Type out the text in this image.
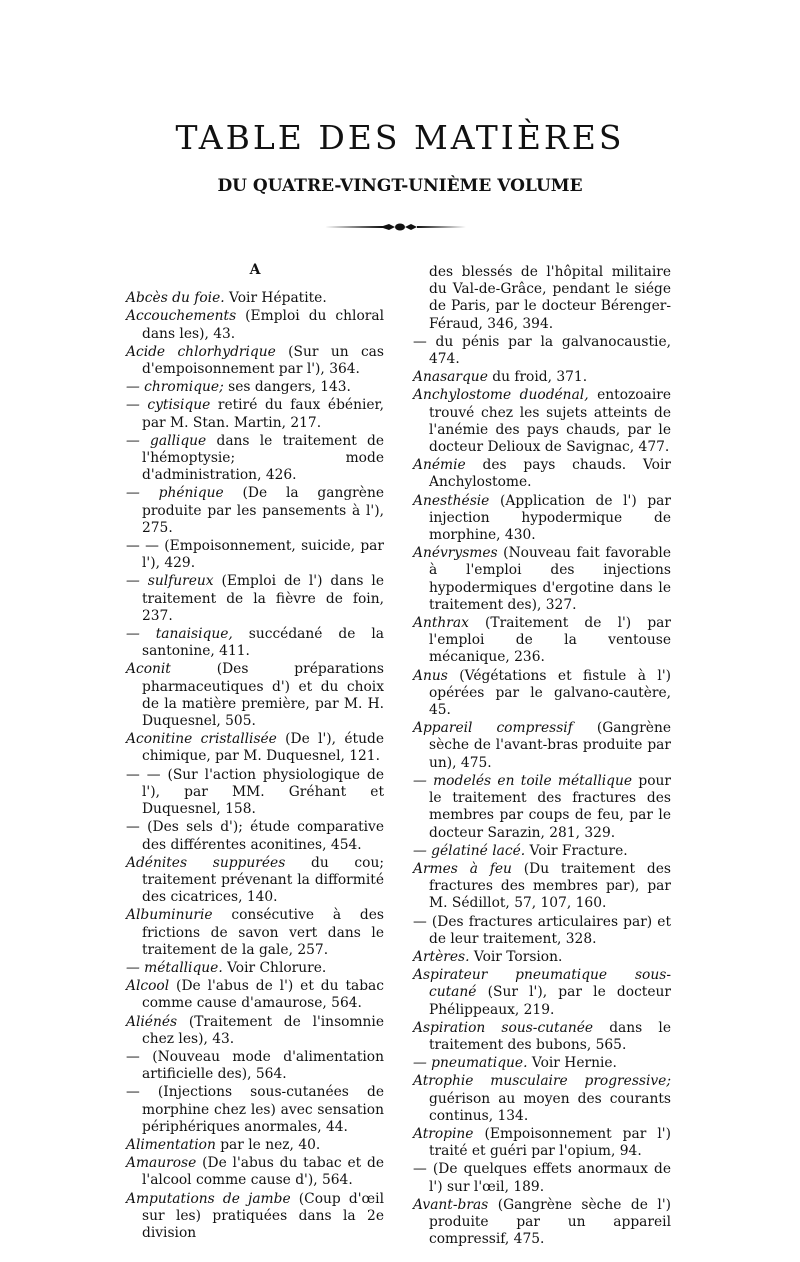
TABLE DES MATIÈRES
DU QUATRE-VINGT-UNIÈME VOLUME
A

Abcès du foie. Voir Hépatite.

Accouchements (Emploi du chloral dans les), 43.

Acide chlorhydrique (Sur un cas d'empoisonnement par l'), 364.

— chromique; ses dangers, 143.

— cytisique retiré du faux ébénier, par M. Stan. Martin, 217.

— gallique dans le traitement de l'hémoptysie; mode d'administration, 426.

— phénique (De la gangrène produite par les pansements à l'), 275.

— — (Empoisonnement, suicide, par l'), 429.

— sulfureux (Emploi de l') dans le traitement de la fièvre de foin, 237.

— tanaisique, succédané de la santonine, 411.

Aconit (Des préparations pharmaceutiques d') et du choix de la matière première, par M. H. Duquesnel, 505.

Aconitine cristallisée (De l'), étude chimique, par M. Duquesnel, 121.

— — (Sur l'action physiologique de l'), par MM. Gréhant et Duquesnel, 158.

— (Des sels d'); étude comparative des différentes aconitines, 454.

Adénites suppurées du cou; traitement prévenant la difformité des cicatrices, 140.

Albuminurie consécutive à des frictions de savon vert dans le traitement de la gale, 257.

— métallique. Voir Chlorure.

Alcool (De l'abus de l') et du tabac comme cause d'amaurose, 564.

Aliénés (Traitement de l'insomnie chez les), 43.

— (Nouveau mode d'alimentation artificielle des), 564.

— (Injections sous-cutanées de morphine chez les) avec sensation périphériques anormales, 44.

Alimentation par le nez, 40.

Amaurose (De l'abus du tabac et de l'alcool comme cause d'), 564.

Amputations de jambe (Coup d'œil sur les) pratiquées dans la 2e division

des blessés de l'hôpital militaire du Val-de-Grâce, pendant le siége de Paris, par le docteur Bérenger-Féraud, 346, 394.

— du pénis par la galvanocaustie, 474.

Anasarque du froid, 371.

Anchylostome duodénal, entozoaire trouvé chez les sujets atteints de l'anémie des pays chauds, par le docteur Delioux de Savignac, 477.

Anémie des pays chauds. Voir Anchylostome.

Anesthésie (Application de l') par injection hypodermique de morphine, 430.

Anévrysmes (Nouveau fait favorable à l'emploi des injections hypodermiques d'ergotine dans le traitement des), 327.

Anthrax (Traitement de l') par l'emploi de la ventouse mécanique, 236.

Anus (Végétations et fistule à l') opérées par le galvano-cautère, 45.

Appareil compressif (Gangrène sèche de l'avant-bras produite par un), 475.

— modelés en toile métallique pour le traitement des fractures des membres par coups de feu, par le docteur Sarazin, 281, 329.

— gélatiné lacé. Voir Fracture.

Armes à feu (Du traitement des fractures des membres par), par M. Sédillot, 57, 107, 160.

— (Des fractures articulaires par) et de leur traitement, 328.

Artères. Voir Torsion.

Aspirateur pneumatique sous-cutané (Sur l'), par le docteur Phélippeaux, 219.

Aspiration sous-cutanée dans le traitement des bubons, 565.

— pneumatique. Voir Hernie.

Atrophie musculaire progressive; guérison au moyen des courants continus, 134.

Atropine (Empoisonnement par l') traité et guéri par l'opium, 94.

— (De quelques effets anormaux de l') sur l'œil, 189.

Avant-bras (Gangrène sèche de l') produite par un appareil compressif, 475.
